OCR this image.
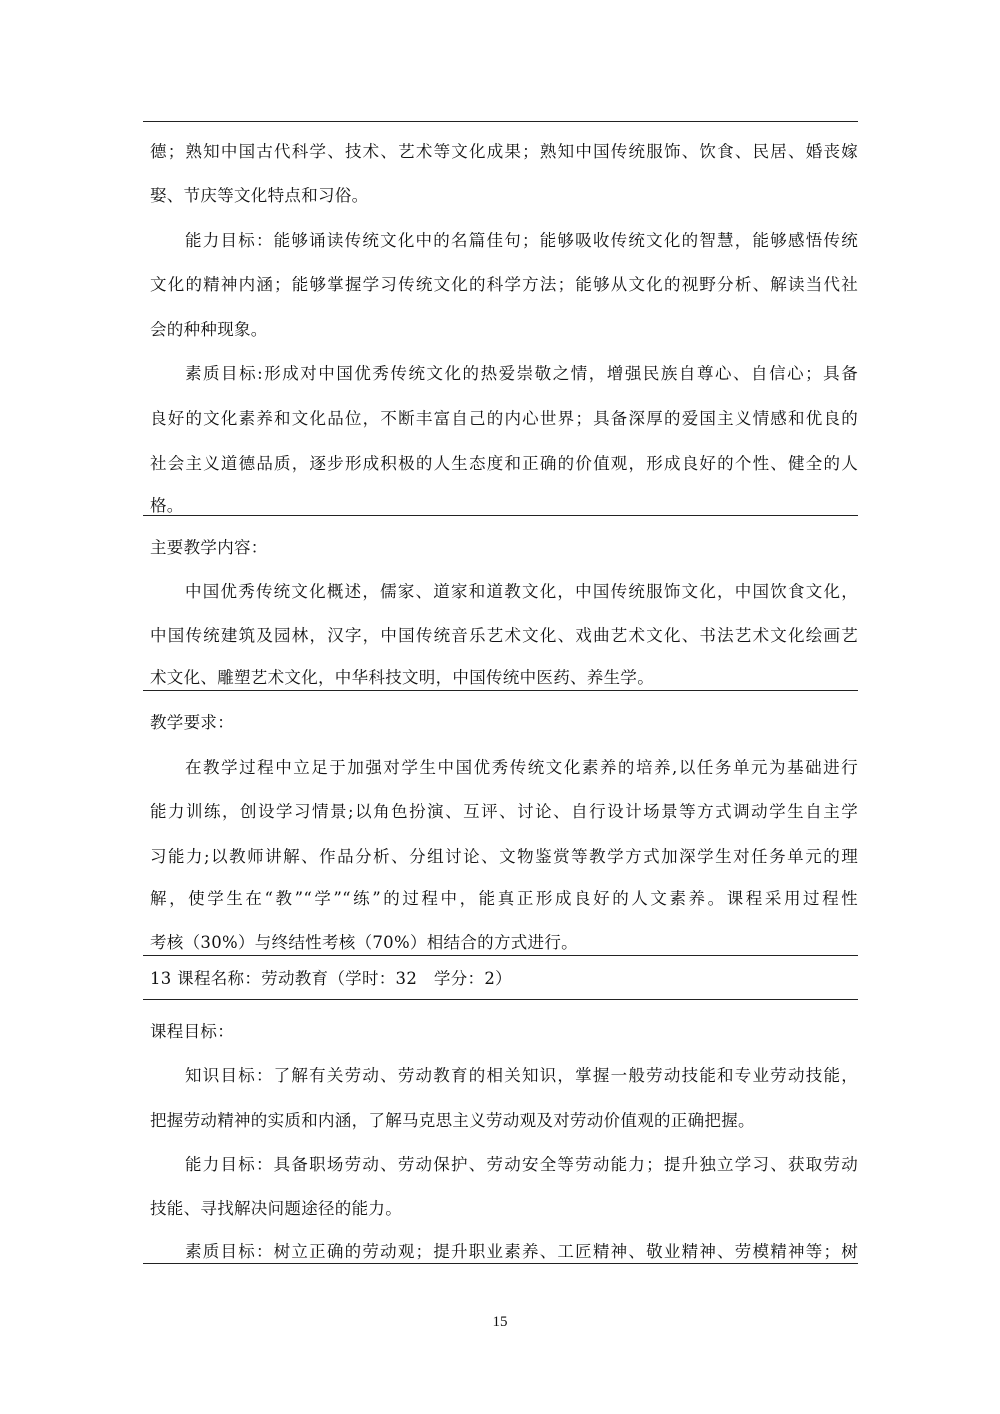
德；熟知中国古代科学、技术、艺术等文化成果；熟知中国传统服饰、饮食、民居、婚丧嫁
娶、节庆等文化特点和习俗。
能力目标：能够诵读传统文化中的名篇佳句；能够吸收传统文化的智慧，能够感悟传统
文化的精神内涵；能够掌握学习传统文化的科学方法；能够从文化的视野分析、解读当代社
会的种种现象。
素质目标:形成对中国优秀传统文化的热爱崇敬之情，增强民族自尊心、自信心；具备
良好的文化素养和文化品位，不断丰富自己的内心世界；具备深厚的爱国主义情感和优良的
社会主义道德品质，逐步形成积极的人生态度和正确的价值观，形成良好的个性、健全的人
格。
主要教学内容：
中国优秀传统文化概述，儒家、道家和道教文化，中国传统服饰文化，中国饮食文化，
中国传统建筑及园林，汉字，中国传统音乐艺术文化、戏曲艺术文化、书法艺术文化绘画艺
术文化、雕塑艺术文化，中华科技文明，中国传统中医药、养生学。
教学要求：
在教学过程中立足于加强对学生中国优秀传统文化素养的培养,以任务单元为基础进行
能力训练，创设学习情景;以角色扮演、互评、讨论、自行设计场景等方式调动学生自主学
习能力;以教师讲解、作品分析、分组讨论、文物鉴赏等教学方式加深学生对任务单元的理
解，使学生在“教”“学”“练”的过程中，能真正形成良好的人文素养。课程采用过程性
考核（30%）与终结性考核（70%）相结合的方式进行。
13 课程名称：劳动教育（学时：32　学分：2）
课程目标：
知识目标：了解有关劳动、劳动教育的相关知识，掌握一般劳动技能和专业劳动技能，
把握劳动精神的实质和内涵，了解马克思主义劳动观及对劳动价值观的正确把握。
能力目标：具备职场劳动、劳动保护、劳动安全等劳动能力；提升独立学习、获取劳动
技能、寻找解决问题途径的能力。
素质目标：树立正确的劳动观；提升职业素养、工匠精神、敬业精神、劳模精神等；树
15
